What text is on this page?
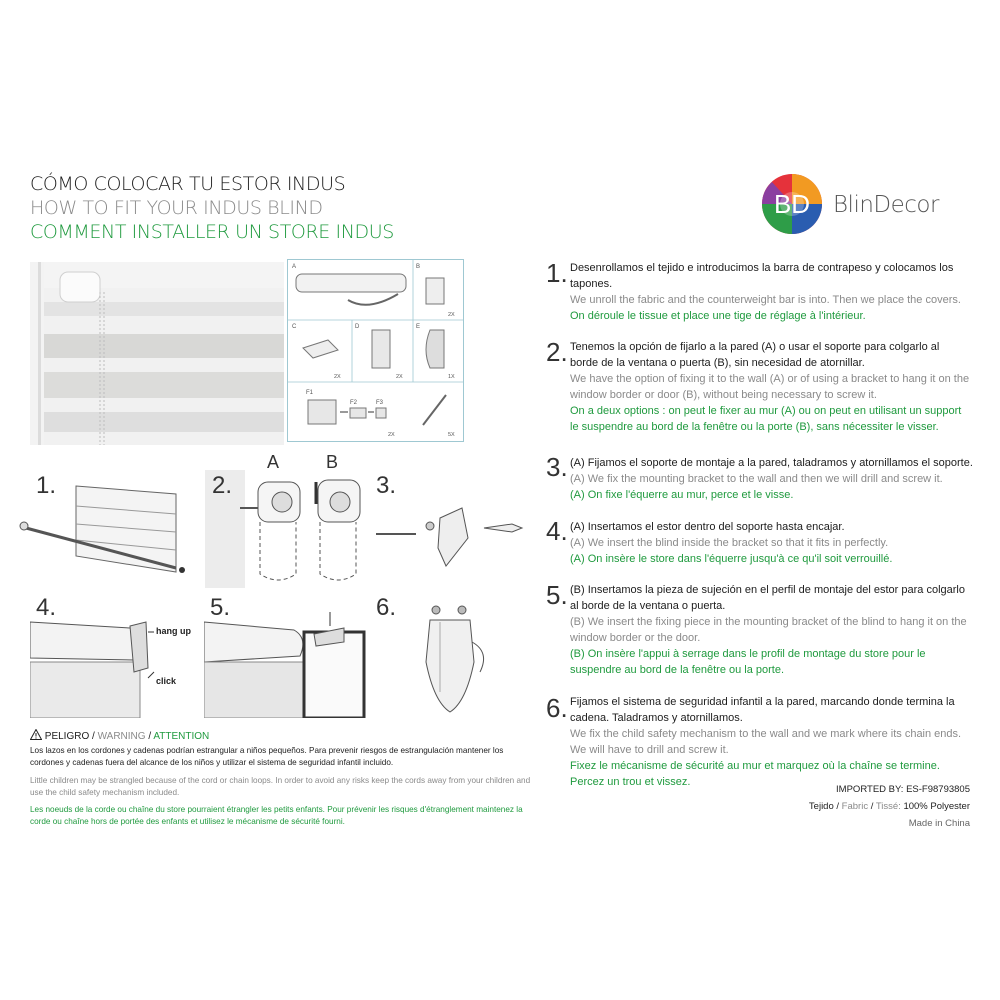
CÓMO COLOCAR TU ESTOR INDUS
HOW TO FIT YOUR INDUS BLIND
COMMENT INSTALLER UN STORE INDUS
BD BlinDecor
A	B
C	D	E
F1
F2	F3
2X
2X	2X	1X
2X	5X
1.	2.
A	B
3.
4.
hang up
click
5.	6.
PELIGRO / WARNING / ATTENTION
Los lazos en los cordones y cadenas podrían estrangular a niños pequeños. Para prevenir riesgos de estrangulación mantener los cordones y cadenas fuera del alcance de los niños y utilizar el sistema de seguridad infantil incluido.
Little children may be strangled because of the cord or chain loops. In order to avoid any risks keep the cords away from your children and use the child safety mechanism included.
Les noeuds de la corde ou chaîne du store pourraient étrangler les petits enfants. Pour prévenir les risques d'étranglement maintenez la corde ou chaîne hors de portée des enfants et utilisez le mécanisme de sécurité fourni.
1. Desenrollamos el tejido e introducimos la barra de contrapeso y colocamos los tapones.
We unroll the fabric and the counterweight bar is into. Then we place the covers.
On déroule le tissue et place une tige de réglage à l'intérieur.
2. Tenemos la opción de fijarlo a la pared (A) o usar el soporte para colgarlo al borde de la ventana o puerta (B), sin necesidad de atornillar.
We have the option of fixing it to the wall (A) or of using a bracket to hang it on the window border or door (B), without being necessary to screw it.
On a deux options : on peut le fixer au mur (A) ou on peut en utilisant un support le suspendre au bord de la fenêtre ou la porte (B), sans nécessiter le visser.
3. (A) Fijamos el soporte de montaje a la pared, taladramos y atornillamos el soporte.
(A) We fix the mounting bracket to the wall and then we will drill and screw it.
(A) On fixe l'équerre au mur, perce et le visse.
4. (A) Insertamos el estor dentro del soporte hasta encajar.
(A) We insert the blind inside the bracket so that it fits in perfectly.
(A) On insère le store dans l'équerre jusqu'à ce qu'il soit verrouillé.
5. (B) Insertamos la pieza de sujeción en el perfil de montaje del estor para colgarlo al borde de la ventana o puerta.
(B) We insert the fixing piece in the mounting bracket of the blind to hang it on the window border or the door.
(B) On insère l'appui à serrage dans le profil de montage du store pour le suspendre au bord de la fenêtre ou la porte.
6. Fijamos el sistema de seguridad infantil a la pared, marcando donde termina la cadena. Taladramos y atornillamos.
We fix the child safety mechanism to the wall and we mark where its chain ends. We will have to drill and screw it.
Fixez le mécanisme de sécurité au mur et marquez où la chaîne se termine. Percez un trou et vissez.
IMPORTED BY: ES-F98793805
Tejido / Fabric / Tissé: 100% Polyester
Made in China
